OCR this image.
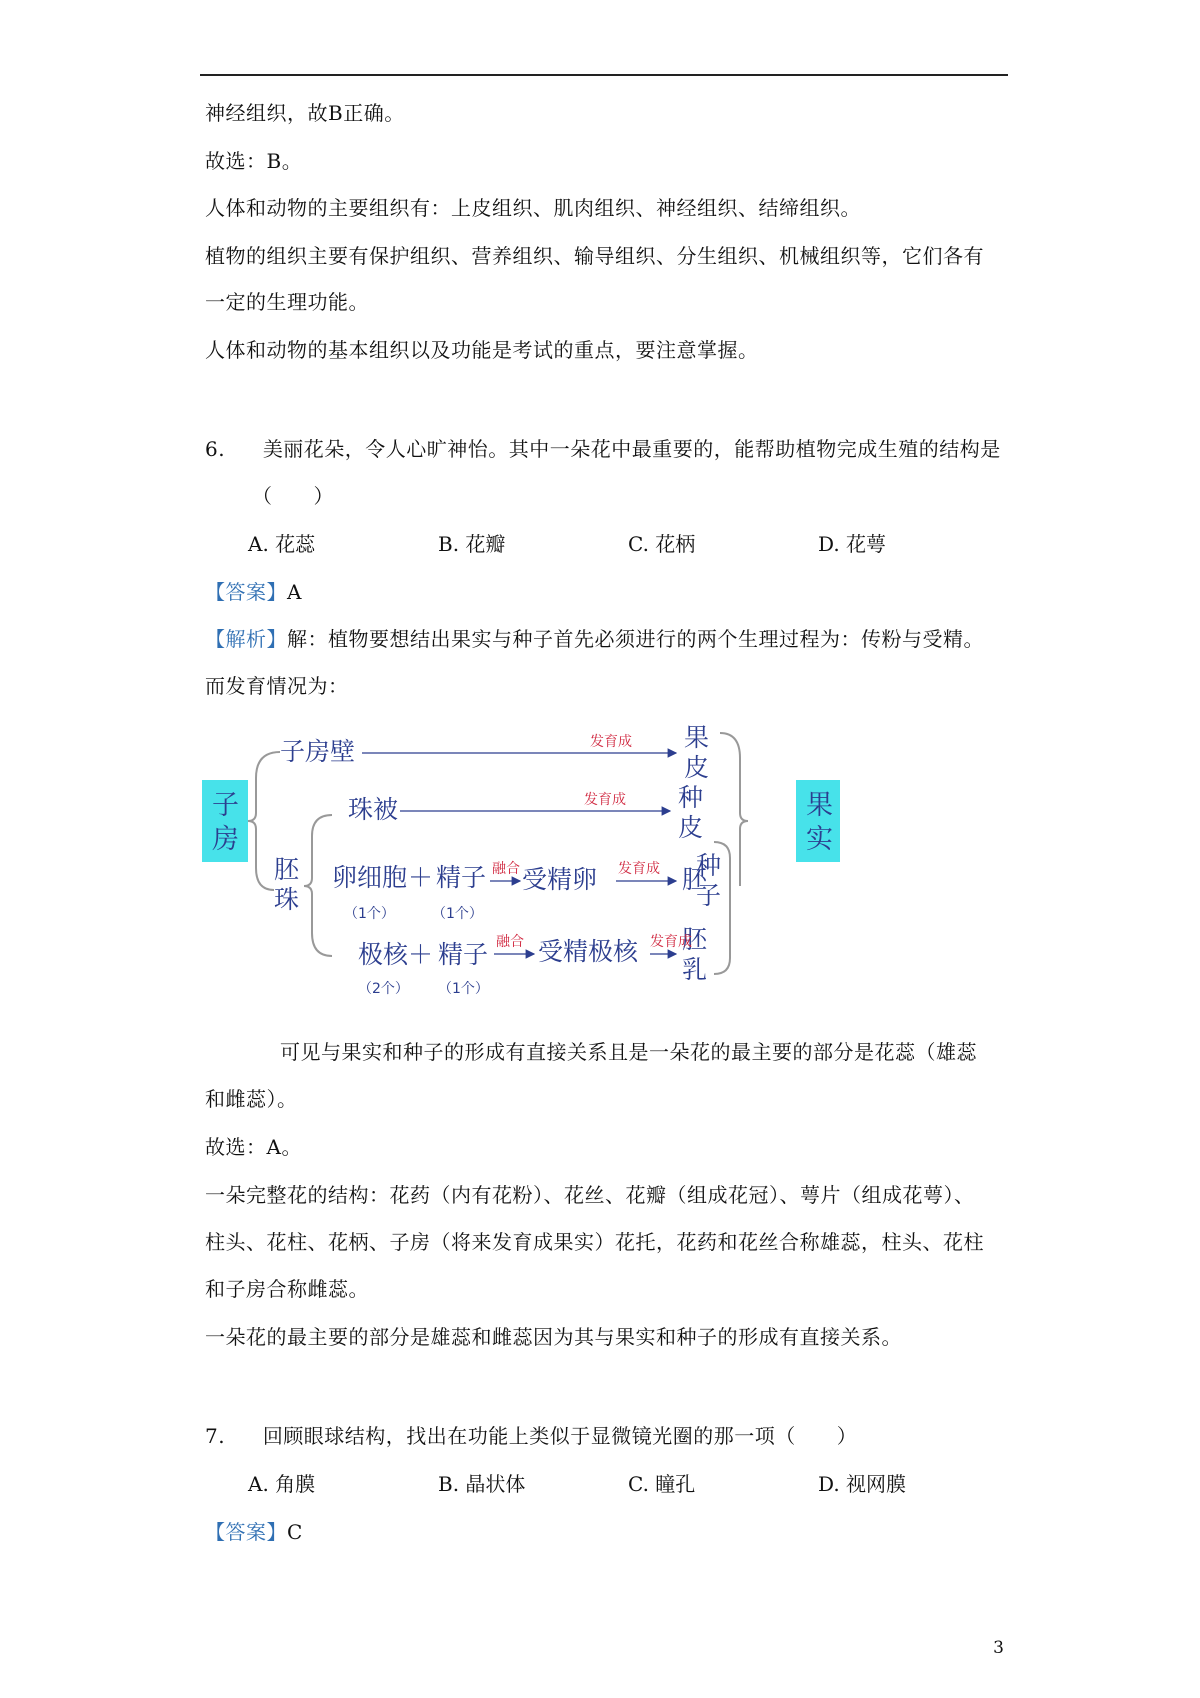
神经组织，故B正确。
故选：B。
人体和动物的主要组织有：上皮组织、肌肉组织、神经组织、结缔组织。
植物的组织主要有保护组织、营养组织、输导组织、分生组织、机械组织等，它们各有
一定的生理功能。
人体和动物的基本组织以及功能是考试的重点，要注意掌握。
6. 美丽花朵，令人心旷神怡。其中一朵花中最重要的，能帮助植物完成生殖的结构是
（　　）
A. 花蕊	B. 花瓣	C. 花柄	D. 花萼
【答案】A
【解析】解：植物要想结出果实与种子首先必须进行的两个生理过程为：传粉与受精。
而发育情况为：
子
房
果
实
子房壁	果
皮
珠被	种
皮
胚
珠
卵细胞 ＋ 精子 受精卵	胚
种
子
极核 ＋ 精子 受精极核 胚
乳
（1个）	（1个）
（2个） （1个）
发育成
发育成
融合	发育成
融合	发育成
可见与果实和种子的形成有直接关系且是一朵花的最主要的部分是花蕊（雄蕊
和雌蕊）。
故选：A。
一朵完整花的结构：花药（内有花粉）、花丝、花瓣（组成花冠）、萼片（组成花萼）、
柱头、花柱、花柄、子房（将来发育成果实）花托，花药和花丝合称雄蕊，柱头、花柱
和子房合称雌蕊。
一朵花的最主要的部分是雄蕊和雌蕊因为其与果实和种子的形成有直接关系。
7. 回顾眼球结构，找出在功能上类似于显微镜光圈的那一项（　　）
A. 角膜	B. 晶状体	C. 瞳孔	D. 视网膜
【答案】C
3
